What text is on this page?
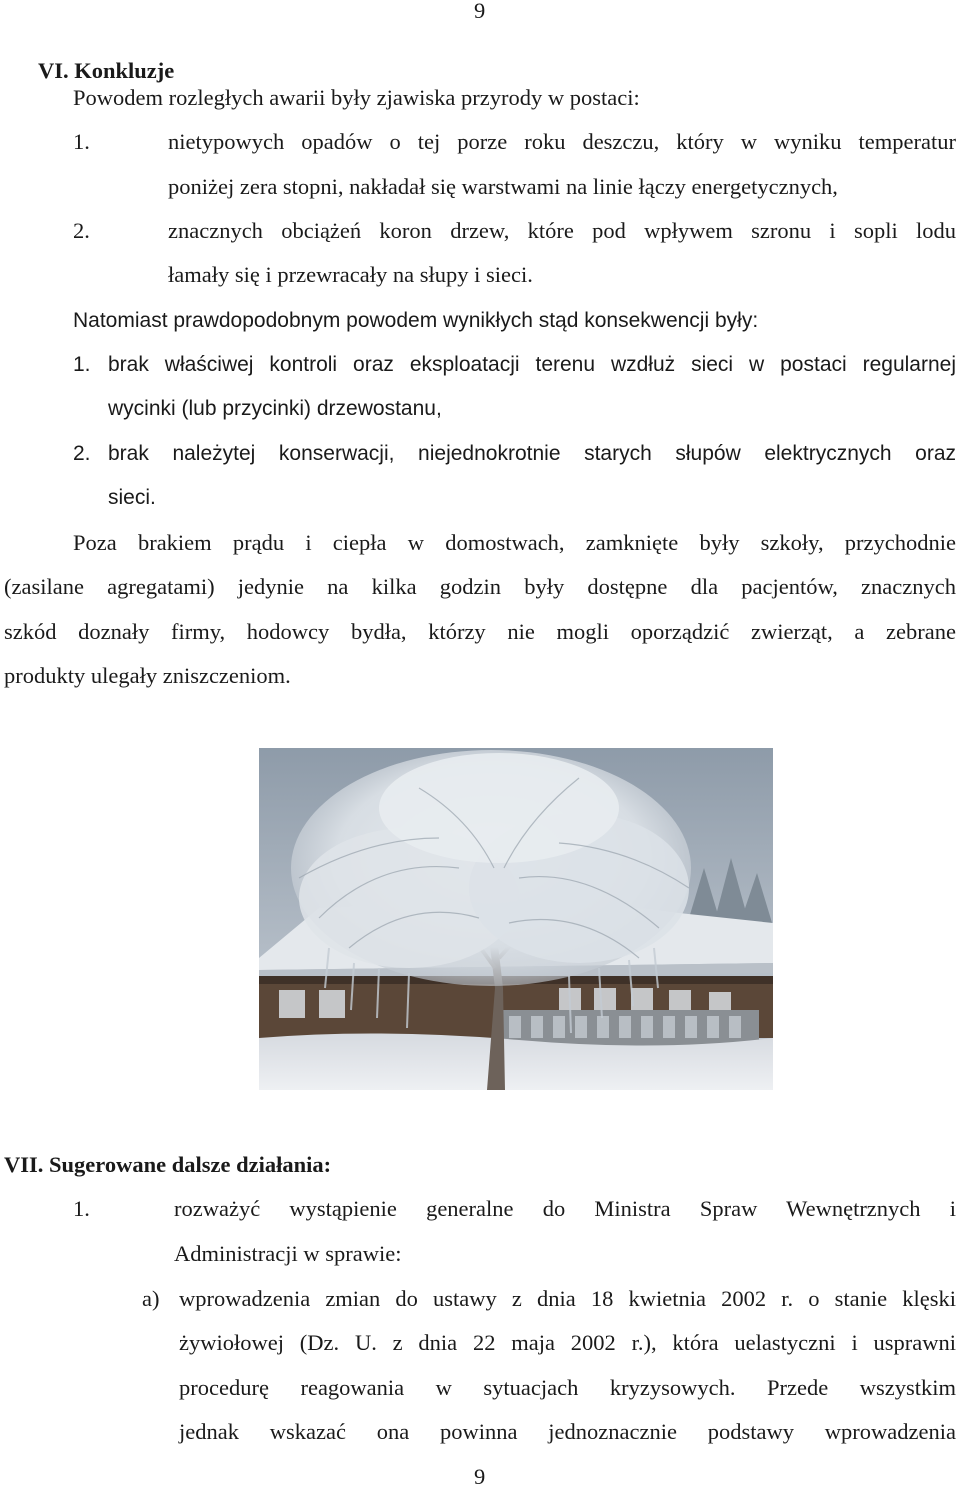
9
VI. Konkluzje
Powodem rozległych awarii były zjawiska przyrody w postaci:
1.	nietypowych opadów o tej porze roku deszczu, który w wyniku temperatur
poniżej zera stopni, nakładał się warstwami na linie łączy energetycznych,
2.	znacznych obciążeń koron drzew, które pod wpływem szronu i sopli lodu
łamały się i przewracały na słupy i sieci.
Natomiast prawdopodobnym powodem wynikłych stąd konsekwencji były:
1. brak właściwej kontroli oraz eksploatacji terenu wzdłuż sieci w postaci regularnej
wycinki (lub przycinki) drzewostanu,
2. brak należytej konserwacji, niejednokrotnie starych słupów elektrycznych oraz
sieci.
Poza brakiem prądu i ciepła w domostwach, zamknięte były szkoły, przychodnie
(zasilane agregatami) jedynie na kilka godzin były dostępne dla pacjentów, znacznych
szkód doznały firmy, hodowcy bydła, którzy nie mogli oporządzić zwierząt, a zebrane
produkty ulegały zniszczeniom.
VII. Sugerowane dalsze działania:
1.	rozważyć wystąpienie generalne do Ministra Spraw Wewnętrznych i
Administracji w sprawie:
a) wprowadzenia zmian do ustawy z dnia 18 kwietnia 2002 r. o stanie klęski
żywiołowej (Dz. U. z dnia 22 maja 2002 r.), która uelastyczni i usprawni
procedurę reagowania w sytuacjach kryzysowych. Przede wszystkim
jednak wskazać ona powinna jednoznacznie podstawy wprowadzenia
9
